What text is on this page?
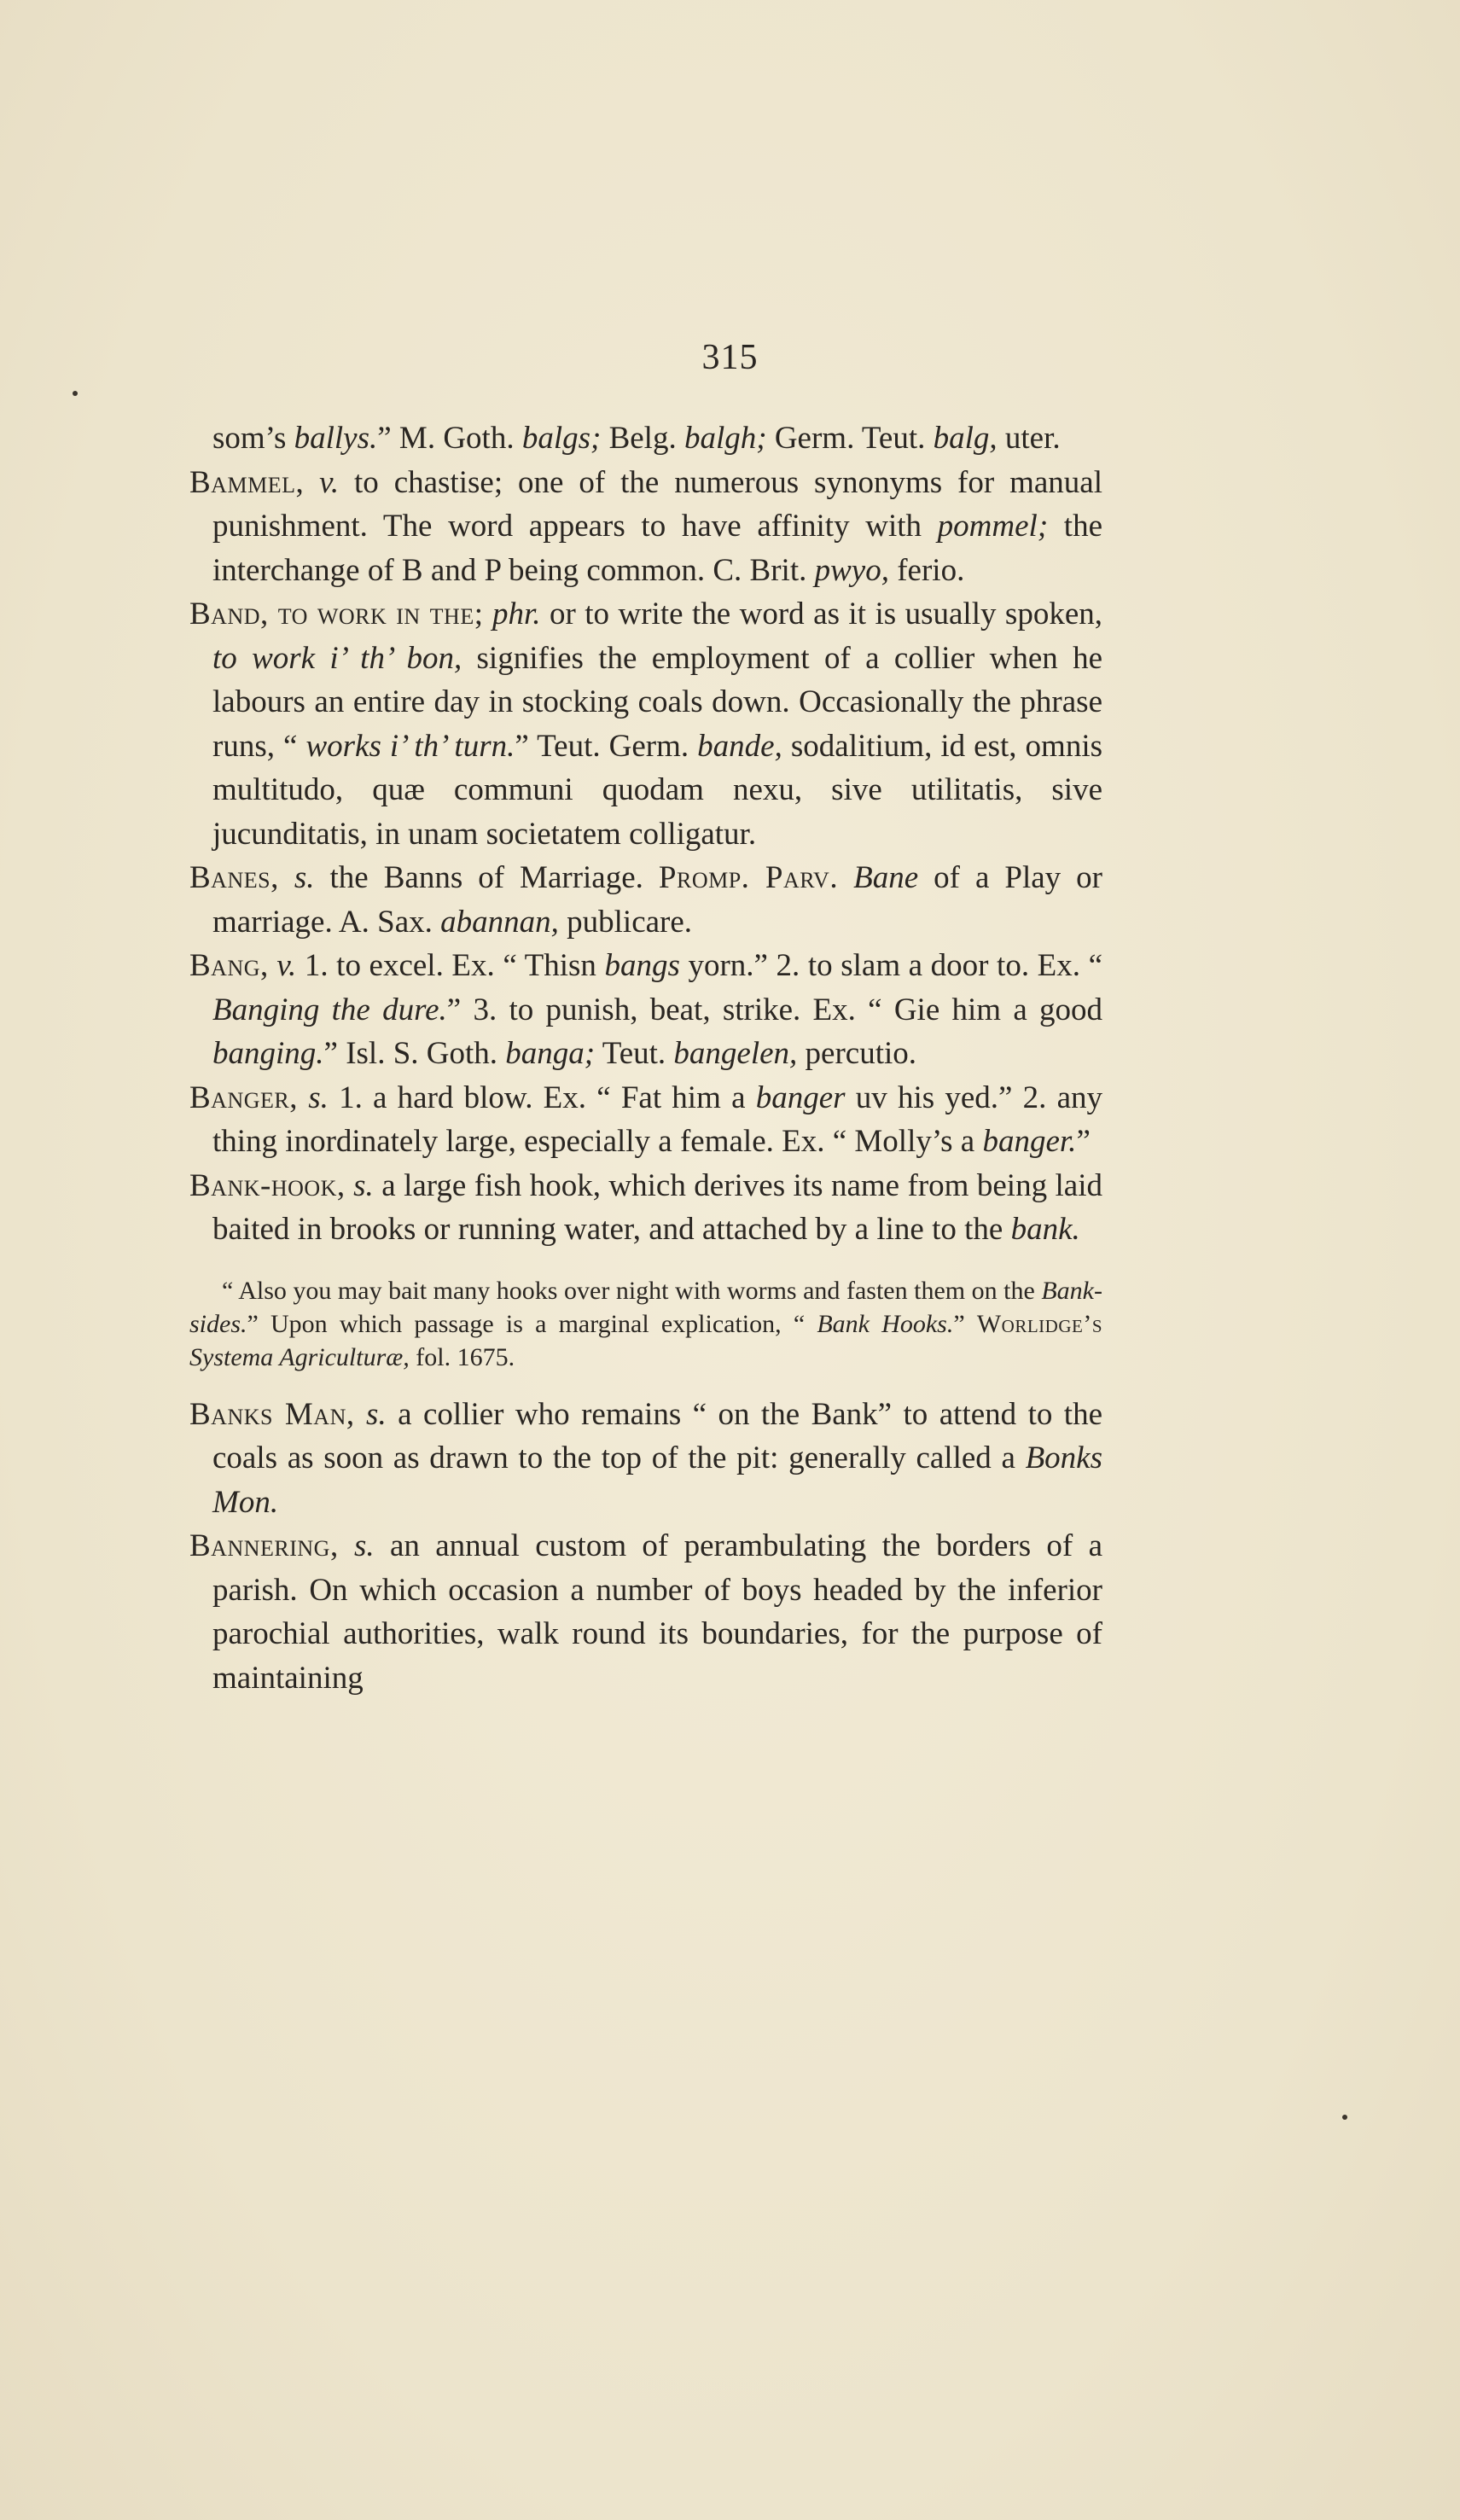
315

som’s ballys.” M. Goth. balgs; Belg. balgh; Germ. Teut. balg, uter.

Bammel, v. to chastise; one of the numerous synonyms for manual punishment. The word appears to have affinity with pommel; the interchange of B and P being common. C. Brit. pwyo, ferio.

Band, to work in the; phr. or to write the word as it is usually spoken, to work i’ th’ bon, signifies the employment of a collier when he labours an entire day in stocking coals down. Occasionally the phrase runs, “ works i’ th’ turn.” Teut. Germ. bande, sodalitium, id est, omnis multitudo, quæ communi quodam nexu, sive utilitatis, sive jucunditatis, in unam societatem colligatur.

Banes, s. the Banns of Marriage. Promp. Parv. Bane of a Play or marriage. A. Sax. abannan, publicare.

Bang, v. 1. to excel. Ex. “ Thisn bangs yorn.” 2. to slam a door to. Ex. “ Banging the dure.” 3. to punish, beat, strike. Ex. “ Gie him a good banging.” Isl. S. Goth. banga; Teut. bangelen, percutio.

Banger, s. 1. a hard blow. Ex. “ Fat him a banger uv his yed.” 2. any thing inordinately large, especially a female. Ex. “ Molly’s a banger.”

Bank-hook, s. a large fish hook, which derives its name from being laid baited in brooks or running water, and attached by a line to the bank.

“ Also you may bait many hooks over night with worms and fasten them on the Bank-sides.” Upon which passage is a marginal explication, “ Bank Hooks.” Worlidge’s Systema Agriculturæ, fol. 1675.

Banks Man, s. a collier who remains “ on the Bank” to attend to the coals as soon as drawn to the top of the pit: generally called a Bonks Mon.

Bannering, s. an annual custom of perambulating the borders of a parish. On which occasion a number of boys headed by the inferior parochial authorities, walk round its boundaries, for the purpose of maintaining
